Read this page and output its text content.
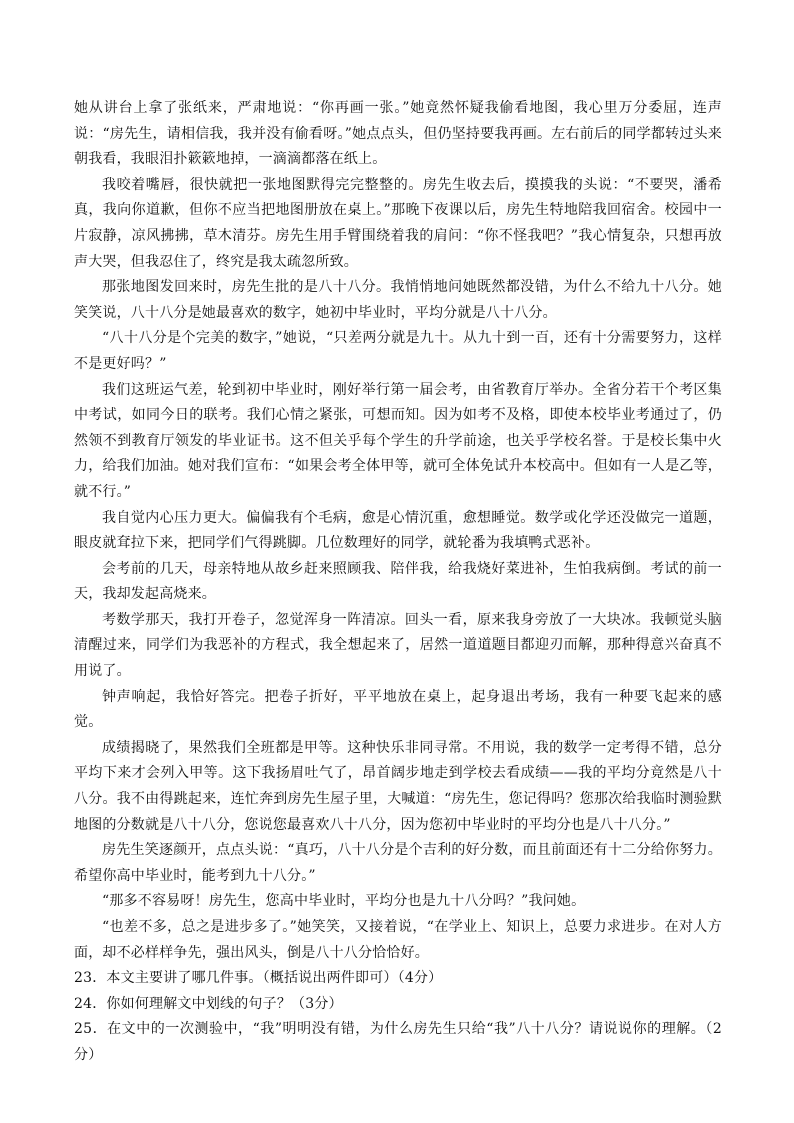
她从讲台上拿了张纸来，严肃地说：“你再画一张。”她竟然怀疑我偷看地图，我心里万分委屈，连声说：“房先生，请相信我，我并没有偷看呀。”她点点头，但仍坚持要我再画。左右前后的同学都转过头来朝我看，我眼泪扑簌簌地掉，一滴滴都落在纸上。

我咬着嘴唇，很快就把一张地图默得完完整整的。房先生收去后，摸摸我的头说：“不要哭，潘希真，我向你道歉，但你不应当把地图册放在桌上。”那晚下夜课以后，房先生特地陪我回宿舍。校园中一片寂静，凉风拂拂，草木清芬。房先生用手臂围绕着我的肩问：“你不怪我吧？”我心情复杂，只想再放声大哭，但我忍住了，终究是我太疏忽所致。

那张地图发回来时，房先生批的是八十八分。我悄悄地问她既然都没错，为什么不给九十八分。她笑笑说，八十八分是她最喜欢的数字，她初中毕业时，平均分就是八十八分。

“八十八分是个完美的数字，”她说，“只差两分就是九十。从九十到一百，还有十分需要努力，这样不是更好吗？”

我们这班运气差，轮到初中毕业时，刚好举行第一届会考，由省教育厅举办。全省分若干个考区集中考试，如同今日的联考。我们心情之紧张，可想而知。因为如考不及格，即使本校毕业考通过了，仍然领不到教育厅领发的毕业证书。这不但关乎每个学生的升学前途，也关乎学校名誉。于是校长集中火力，给我们加油。她对我们宣布：“如果会考全体甲等，就可全体免试升本校高中。但如有一人是乙等，就不行。”

我自觉内心压力更大。偏偏我有个毛病，愈是心情沉重，愈想睡觉。数学或化学还没做完一道题，眼皮就耷拉下来，把同学们气得跳脚。几位数理好的同学，就轮番为我填鸭式恶补。

会考前的几天，母亲特地从故乡赶来照顾我、陪伴我，给我烧好菜进补，生怕我病倒。考试的前一天，我却发起高烧来。

考数学那天，我打开卷子，忽觉浑身一阵清凉。回头一看，原来我身旁放了一大块冰。我顿觉头脑清醒过来，同学们为我恶补的方程式，我全想起来了，居然一道道题目都迎刃而解，那种得意兴奋真不用说了。

钟声响起，我恰好答完。把卷子折好，平平地放在桌上，起身退出考场，我有一种要飞起来的感觉。

成绩揭晓了，果然我们全班都是甲等。这种快乐非同寻常。不用说，我的数学一定考得不错，总分平均下来才会列入甲等。这下我扬眉吐气了，昂首阔步地走到学校去看成绩——我的平均分竟然是八十八分。我不由得跳起来，连忙奔到房先生屋子里，大喊道：“房先生，您记得吗？您那次给我临时测验默地图的分数就是八十八分，您说您最喜欢八十八分，因为您初中毕业时的平均分也是八十八分。”

房先生笑逐颜开，点点头说：“真巧，八十八分是个吉利的好分数，而且前面还有十二分给你努力。希望你高中毕业时，能考到九十八分。”

“那多不容易呀！房先生，您高中毕业时，平均分也是九十八分吗？”我问她。

“也差不多，总之是进步多了。”她笑笑，又接着说，“在学业上、知识上，总要力求进步。在对人方面，却不必样样争先，强出风头，倒是八十八分恰恰好。

23．本文主要讲了哪几件事。（概括说出两件即可）（4分）

24．你如何理解文中划线的句子？（3分）

25．在文中的一次测验中，“我”明明没有错，为什么房先生只给“我”八十八分？请说说你的理解。（2分）
